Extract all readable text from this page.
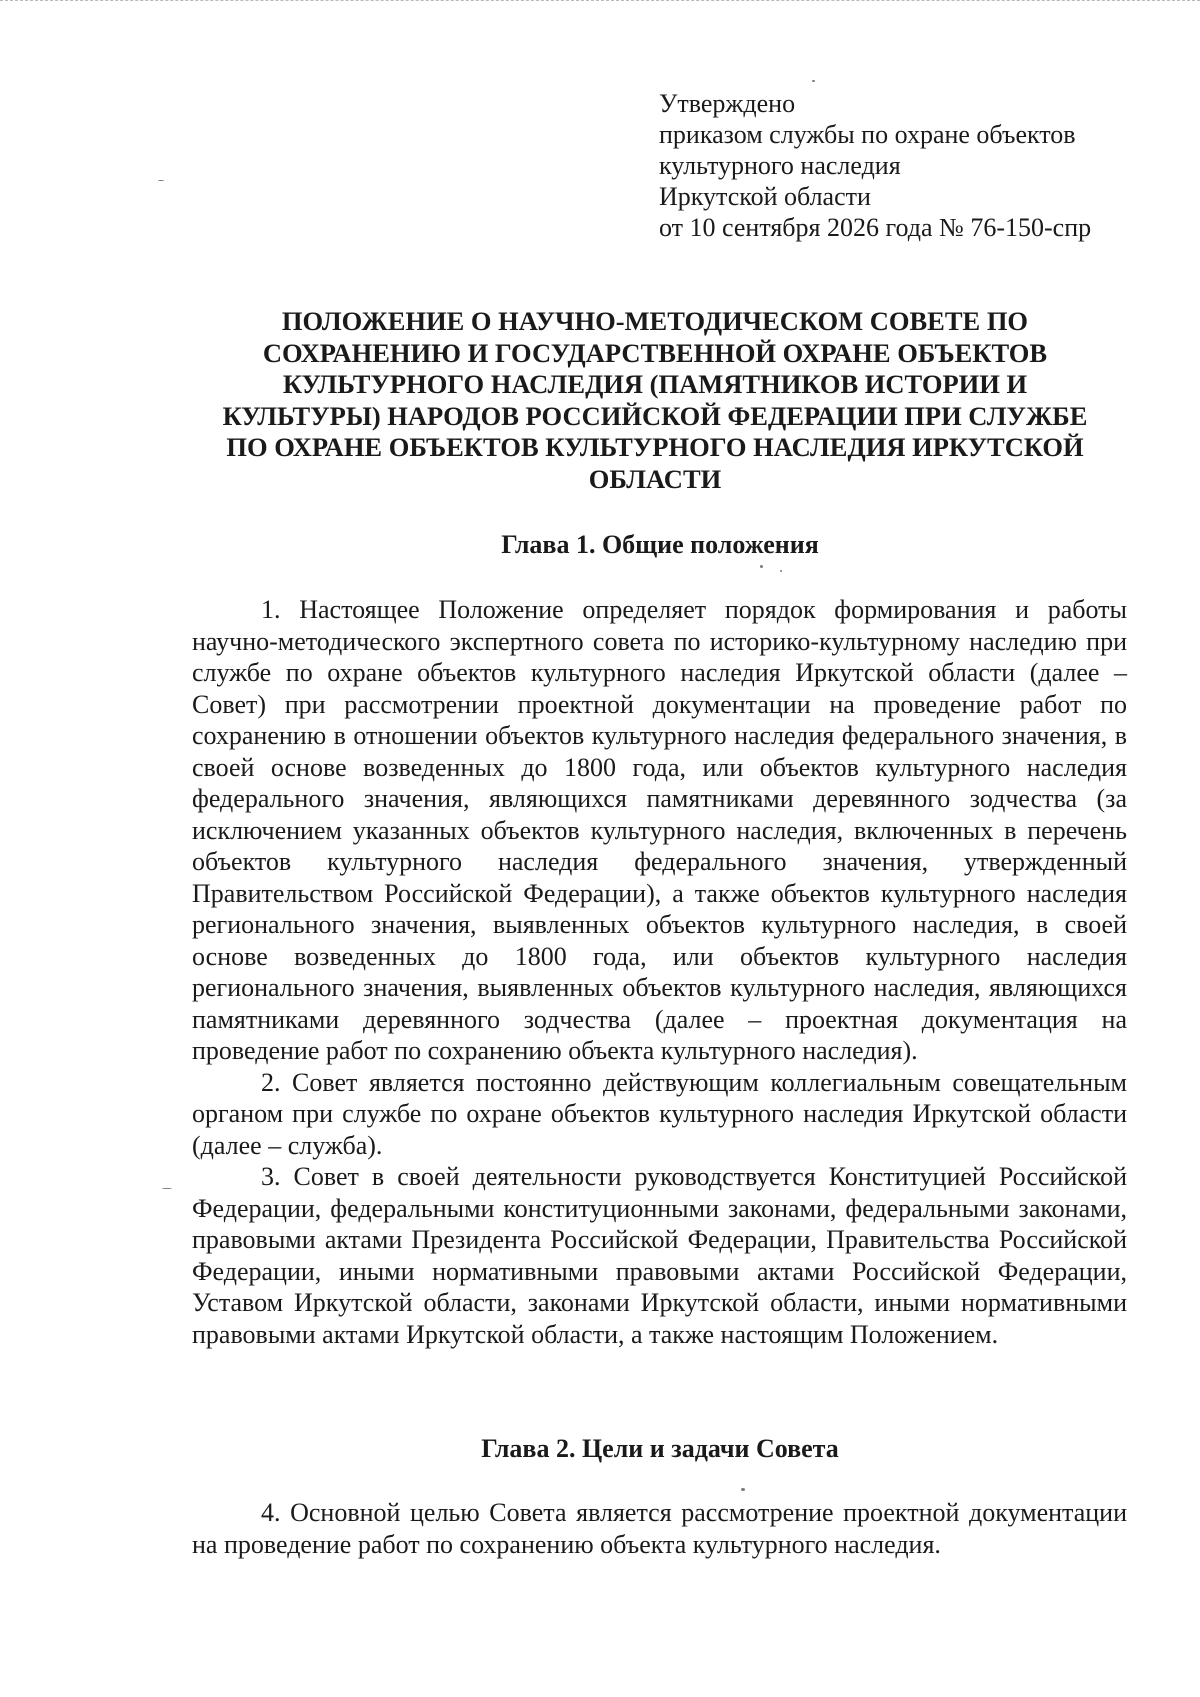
Утверждено
приказом службы по охране объектов
культурного наследия
Иркутской области
от 10 сентября 2026 года № 76-150-спр
ПОЛОЖЕНИЕ О НАУЧНО-МЕТОДИЧЕСКОМ СОВЕТЕ ПО
СОХРАНЕНИЮ И ГОСУДАРСТВЕННОЙ ОХРАНЕ ОБЪЕКТОВ
КУЛЬТУРНОГО НАСЛЕДИЯ (ПАМЯТНИКОВ ИСТОРИИ И
КУЛЬТУРЫ) НАРОДОВ РОССИЙСКОЙ ФЕДЕРАЦИИ ПРИ СЛУЖБЕ
ПО ОХРАНЕ ОБЪЕКТОВ КУЛЬТУРНОГО НАСЛЕДИЯ ИРКУТСКОЙ
ОБЛАСТИ
Глава 1. Общие положения

1. Настоящее Положение определяет порядок формирования и работы научно-методического экспертного совета по историко-культурному наследию при службе по охране объектов культурного наследия Иркутской области (далее – Совет) при рассмотрении проектной документации на проведение работ по сохранению в отношении объектов культурного наследия федерального значения, в своей основе возведенных до 1800 года, или объектов культурного наследия федерального значения, являющихся памятниками деревянного зодчества (за исключением указанных объектов культурного наследия, включенных в перечень объектов культурного наследия федерального значения, утвержденный Правительством Российской Федерации), а также объектов культурного наследия регионального значения, выявленных объектов культурного наследия, в своей основе возведенных до 1800 года, или объектов культурного наследия регионального значения, выявленных объектов культурного наследия, являющихся памятниками деревянного зодчества (далее – проектная документация на проведение работ по сохранению объекта культурного наследия).

2. Совет является постоянно действующим коллегиальным совещательным органом при службе по охране объектов культурного наследия Иркутской области (далее – служба).

3. Совет в своей деятельности руководствуется Конституцией Российской Федерации, федеральными конституционными законами, федеральными законами, правовыми актами Президента Российской Федерации, Правительства Российской Федерации, иными нормативными правовыми актами Российской Федерации, Уставом Иркутской области, законами Иркутской области, иными нормативными правовыми актами Иркутской области, а также настоящим Положением.

Глава 2. Цели и задачи Совета

4. Основной целью Совета является рассмотрение проектной документации на проведение работ по сохранению объекта культурного наследия.
